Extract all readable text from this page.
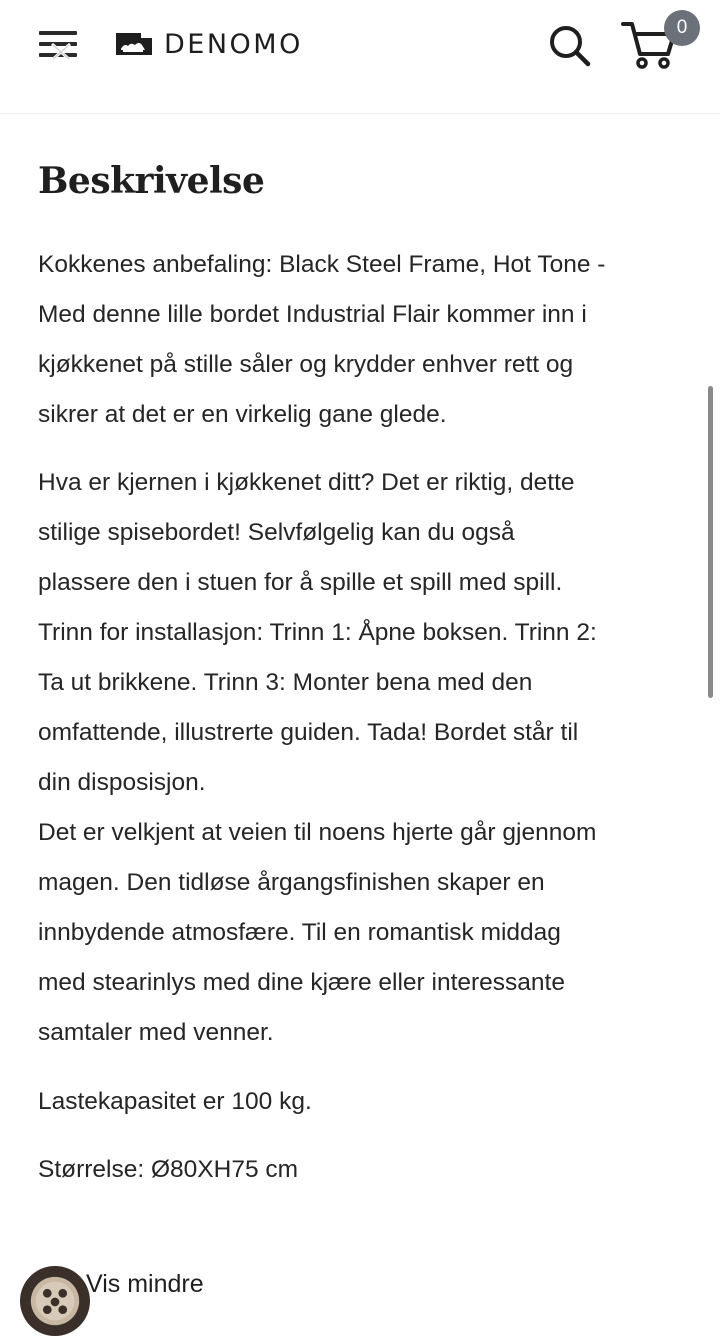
DENOMO
0
Beskrivelse

Kokkenes anbefaling: Black Steel Frame, Hot Tone -

Med denne lille bordet Industrial Flair kommer inn i

kjøkkenet på stille såler og krydder enhver rett og

sikrer at det er en virkelig gane glede.

Hva er kjernen i kjøkkenet ditt? Det er riktig, dette

stilige spisebordet! Selvfølgelig kan du også

plassere den i stuen for å spille et spill med spill.

Trinn for installasjon: Trinn 1: Åpne boksen. Trinn 2:

Ta ut brikkene. Trinn 3: Monter bena med den

omfattende, illustrerte guiden. Tada! Bordet står til

din disposisjon.

Det er velkjent at veien til noens hjerte går gjennom

magen. Den tidløse årgangsfinishen skaper en

innbydende atmosfære. Til en romantisk middag

med stearinlys med dine kjære eller interessante

samtaler med venner.

Lastekapasitet er 100 kg.

Størrelse: Ø80XH75 cm

Vis mindre
